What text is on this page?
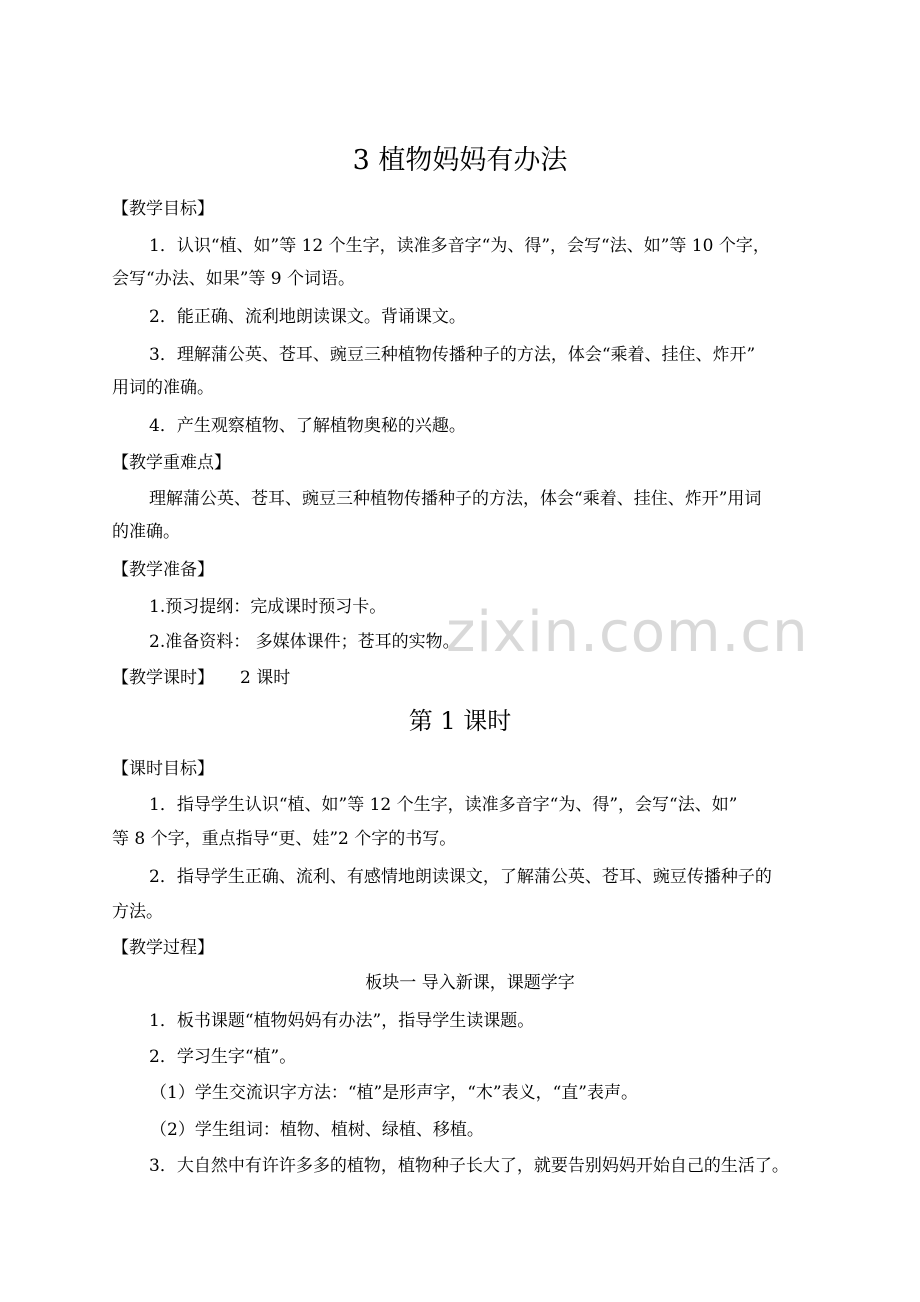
zixin.com.cn
3 植物妈妈有办法
【教学目标】
1．认识“植、如”等 12 个生字，读准多音字“为、得”，会写“法、如”等 10 个字，
会写“办法、如果”等 9 个词语。
2．能正确、流利地朗读课文。背诵课文。
3．理解蒲公英、苍耳、豌豆三种植物传播种子的方法，体会“乘着、挂住、炸开”
用词的准确。
4．产生观察植物、了解植物奥秘的兴趣。
【教学重难点】
理解蒲公英、苍耳、豌豆三种植物传播种子的方法，体会“乘着、挂住、炸开”用词
的准确。
【教学准备】
1.预习提纲：完成课时预习卡。
2.准备资料： 多媒体课件；苍耳的实物。
【教学课时】 2 课时
第 1 课时
【课时目标】
1．指导学生认识“植、如”等 12 个生字，读准多音字“为、得”，会写“法、如”
等 8 个字，重点指导“更、娃”2 个字的书写。
2．指导学生正确、流利、有感情地朗读课文，了解蒲公英、苍耳、豌豆传播种子的
方法。
【教学过程】
板块一 导入新课，课题学字
1．板书课题“植物妈妈有办法”，指导学生读课题。
2．学习生字“植”。
（1）学生交流识字方法：“植”是形声字，“木”表义，“直”表声。
（2）学生组词：植物、植树、绿植、移植。
3．大自然中有许许多多的植物，植物种子长大了，就要告别妈妈开始自己的生活了。
